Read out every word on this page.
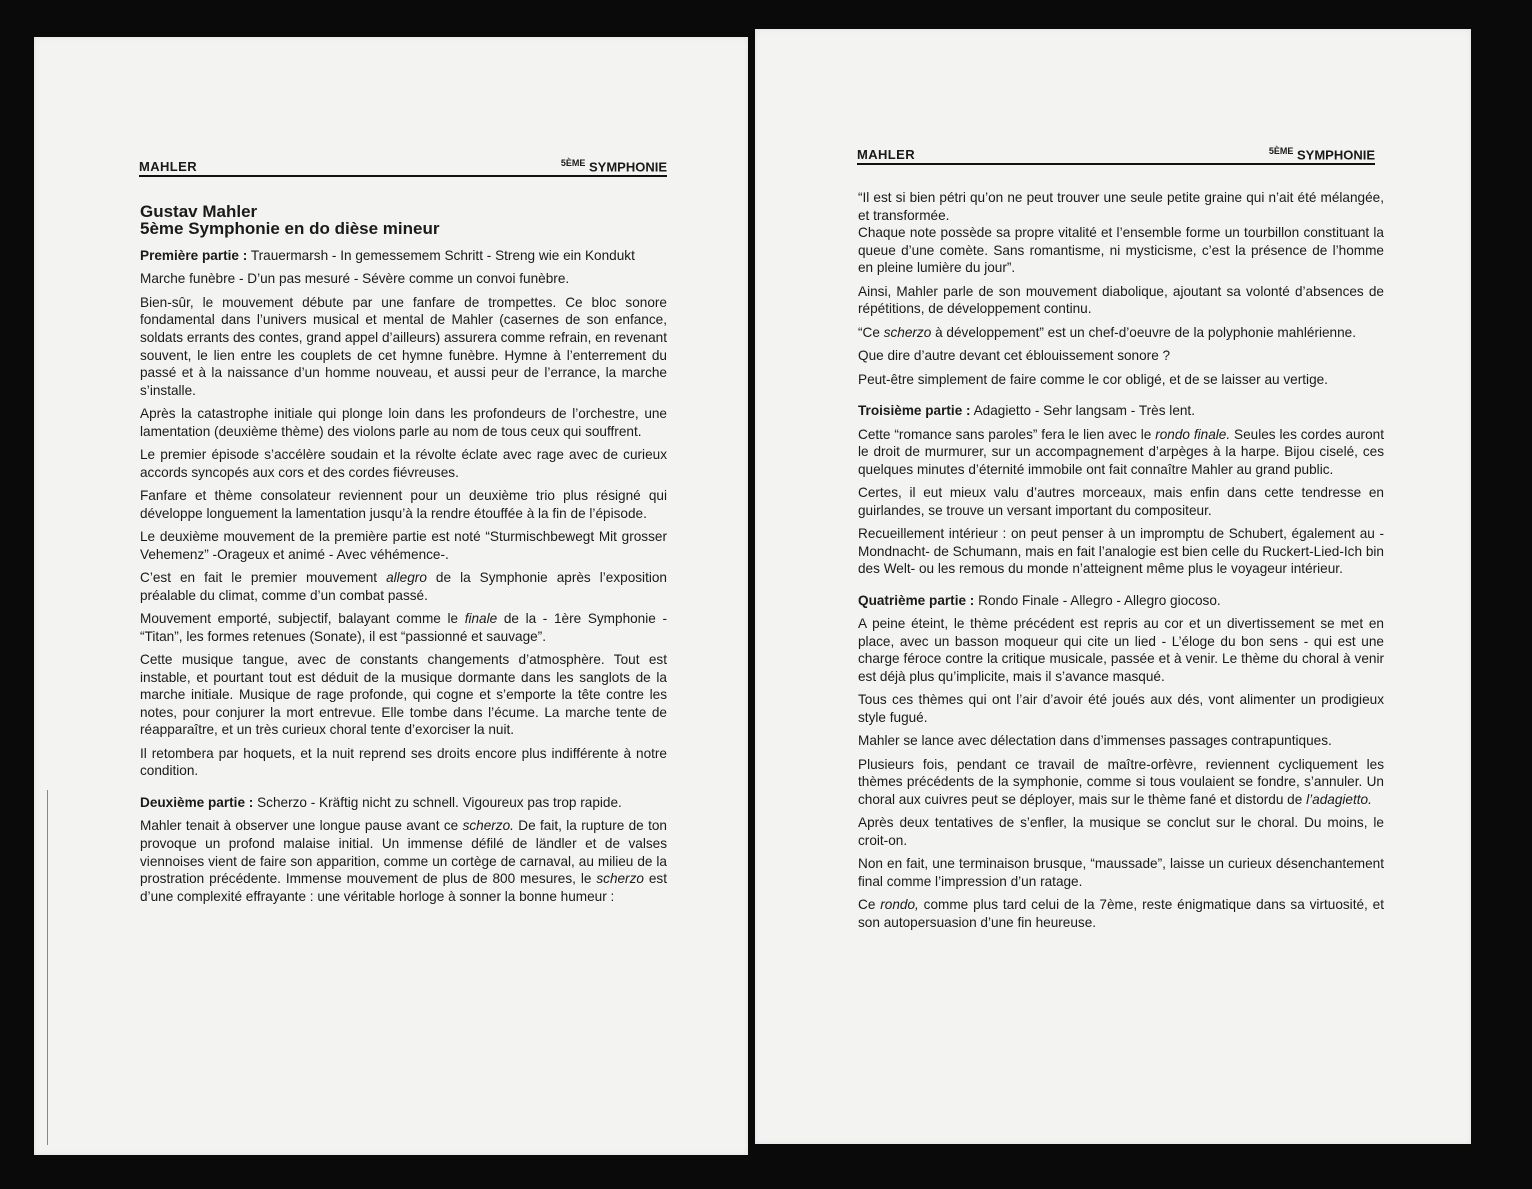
MAHLER	$^{5ÈME}$ SYMPHONIE
Gustav Mahler
5ème Symphonie en do dièse mineur

Première partie : Trauermarsh - In gemessemem Schritt - Streng wie ein Kondukt

Marche funèbre - D’un pas mesuré - Sévère comme un convoi funèbre.

Bien-sûr, le mouvement débute par une fanfare de trompettes. Ce bloc sonore fondamental dans l’univers musical et mental de Mahler (casernes de son enfance, soldats errants des contes, grand appel d’ailleurs) assurera comme refrain, en revenant souvent, le lien entre les couplets de cet hymne funèbre. Hymne à l’enterrement du passé et à la naissance d’un homme nouveau, et aussi peur de l’errance, la marche s’installe.

Après la catastrophe initiale qui plonge loin dans les profondeurs de l’orchestre, une lamentation (deuxième thème) des violons parle au nom de tous ceux qui souffrent.

Le premier épisode s’accélère soudain et la révolte éclate avec rage avec de curieux accords syncopés aux cors et des cordes fiévreuses.

Fanfare et thème consolateur reviennent pour un deuxième trio plus résigné qui développe longuement la lamentation jusqu’à la rendre étouffée à la fin de l’épisode.

Le deuxième mouvement de la première partie est noté “Sturmischbewegt Mit grosser Vehemenz” -Orageux et animé - Avec véhémence-.

C’est en fait le premier mouvement allegro de la Symphonie après l’exposition préalable du climat, comme d’un combat passé.

Mouvement emporté, subjectif, balayant comme le finale de la - 1ère Symphonie - “Titan”, les formes retenues (Sonate), il est “passionné et sauvage”.

Cette musique tangue, avec de constants changements d’atmosphère. Tout est instable, et pourtant tout est déduit de la musique dormante dans les sanglots de la marche initiale. Musique de rage profonde, qui cogne et s’emporte la tête contre les notes, pour conjurer la mort entrevue. Elle tombe dans l’écume. La marche tente de réapparaître, et un très curieux choral tente d’exorciser la nuit.

Il retombera par hoquets, et la nuit reprend ses droits encore plus indifférente à notre condition.

Deuxième partie : Scherzo - Kräftig nicht zu schnell. Vigoureux pas trop rapide.

Mahler tenait à observer une longue pause avant ce scherzo. De fait, la rupture de ton provoque un profond malaise initial. Un immense défilé de ländler et de valses viennoises vient de faire son apparition, comme un cortège de carnaval, au milieu de la prostration précédente. Immense mouvement de plus de 800 mesures, le scherzo est d’une complexité effrayante : une véritable horloge à sonner la bonne humeur :

MAHLER	$^{5ÈME}$ SYMPHONIE

“Il est si bien pétri qu’on ne peut trouver une seule petite graine qui n’ait été mélangée, et transformée.

Chaque note possède sa propre vitalité et l’ensemble forme un tourbillon constituant la queue d’une comète. Sans romantisme, ni mysticisme, c’est la présence de l’homme en pleine lumière du jour”.

Ainsi, Mahler parle de son mouvement diabolique, ajoutant sa volonté d’absences de répétitions, de développement continu.

“Ce scherzo à développement” est un chef-d’oeuvre de la polyphonie mahlérienne.

Que dire d’autre devant cet éblouissement sonore ?

Peut-être simplement de faire comme le cor obligé, et de se laisser au vertige.

Troisième partie : Adagietto - Sehr langsam - Très lent.

Cette “romance sans paroles” fera le lien avec le rondo finale. Seules les cordes auront le droit de murmurer, sur un accompagnement d’arpèges à la harpe. Bijou ciselé, ces quelques minutes d’éternité immobile ont fait connaître Mahler au grand public.

Certes, il eut mieux valu d’autres morceaux, mais enfin dans cette tendresse en guirlandes, se trouve un versant important du compositeur.

Recueillement intérieur : on peut penser à un impromptu de Schubert, également au -Mondnacht- de Schumann, mais en fait l’analogie est bien celle du Ruckert-Lied-Ich bin des Welt- ou les remous du monde n’atteignent même plus le voyageur intérieur.

Quatrième partie : Rondo Finale - Allegro - Allegro giocoso.

A peine éteint, le thème précédent est repris au cor et un divertissement se met en place, avec un basson moqueur qui cite un lied - L’éloge du bon sens - qui est une charge féroce contre la critique musicale, passée et à venir. Le thème du choral à venir est déjà plus qu’implicite, mais il s’avance masqué.

Tous ces thèmes qui ont l’air d’avoir été joués aux dés, vont alimenter un prodigieux style fugué.

Mahler se lance avec délectation dans d’immenses passages contrapuntiques.

Plusieurs fois, pendant ce travail de maître-orfèvre, reviennent cycliquement les thèmes précédents de la symphonie, comme si tous voulaient se fondre, s’annuler. Un choral aux cuivres peut se déployer, mais sur le thème fané et distordu de l’adagietto.

Après deux tentatives de s’enfler, la musique se conclut sur le choral. Du moins, le croit-on.

Non en fait, une terminaison brusque, “maussade”, laisse un curieux désenchantement final comme l’impression d’un ratage.

Ce rondo, comme plus tard celui de la 7ème, reste énigmatique dans sa virtuosité, et son autopersuasion d’une fin heureuse.
